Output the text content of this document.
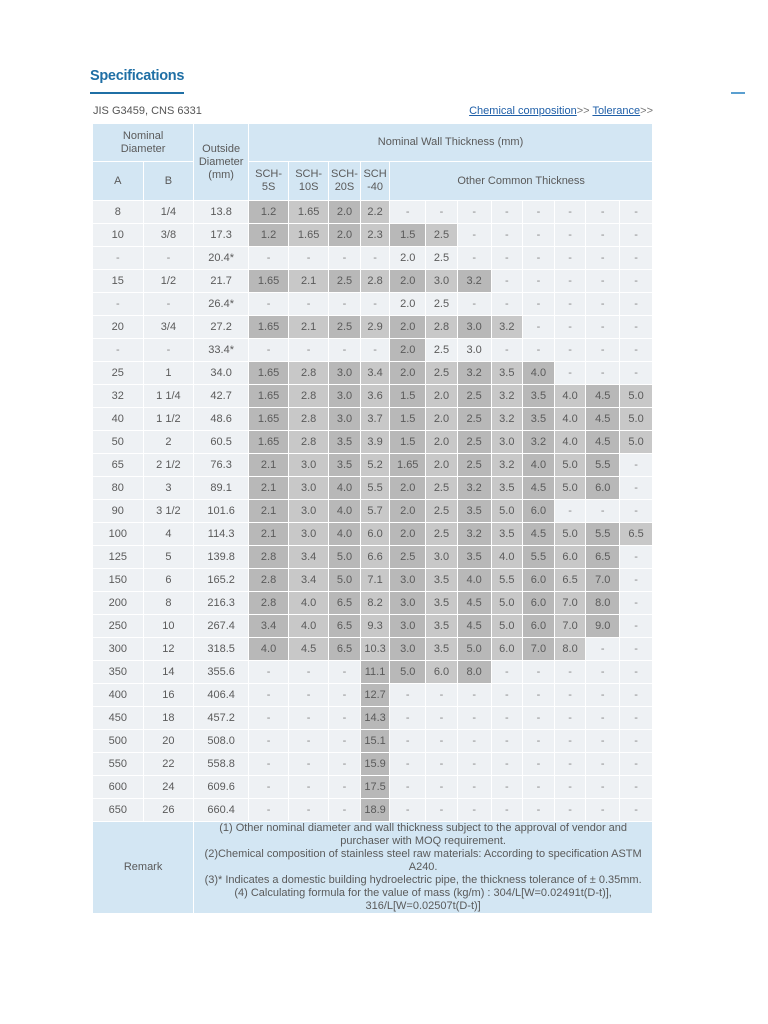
Specifications
JIS G3459, CNS 6331	Chemical composition>> Tolerance>>
Nominal Diameter		Outside Diameter (mm)	Nominal Wall Thickness (mm)											
A	B		SCH-5S	SCH-10S	SCH-20S	SCH-40	Other Common Thickness							
8	1/4	13.8	1.2	1.65	2.0	2.2	-	-	-	-	-	-	-	-
10	3/8	17.3	1.2	1.65	2.0	2.3	1.5	2.5	-	-	-	-	-	-
-	-	20.4*	-	-	-	-	2.0	2.5	-	-	-	-	-	-
15	1/2	21.7	1.65	2.1	2.5	2.8	2.0	3.0	3.2	-	-	-	-	-
-	-	26.4*	-	-	-	-	2.0	2.5	-	-	-	-	-	-
20	3/4	27.2	1.65	2.1	2.5	2.9	2.0	2.8	3.0	3.2	-	-	-	-
-	-	33.4*	-	-	-	-	2.0	2.5	3.0	-	-	-	-	-
25	1	34.0	1.65	2.8	3.0	3.4	2.0	2.5	3.2	3.5	4.0	-	-	-
32	1 1/4	42.7	1.65	2.8	3.0	3.6	1.5	2.0	2.5	3.2	3.5	4.0	4.5	5.0
40	1 1/2	48.6	1.65	2.8	3.0	3.7	1.5	2.0	2.5	3.2	3.5	4.0	4.5	5.0
50	2	60.5	1.65	2.8	3.5	3.9	1.5	2.0	2.5	3.0	3.2	4.0	4.5	5.0
65	2 1/2	76.3	2.1	3.0	3.5	5.2	1.65	2.0	2.5	3.2	4.0	5.0	5.5	-
80	3	89.1	2.1	3.0	4.0	5.5	2.0	2.5	3.2	3.5	4.5	5.0	6.0	-
90	3 1/2	101.6	2.1	3.0	4.0	5.7	2.0	2.5	3.5	5.0	6.0	-	-	-
100	4	114.3	2.1	3.0	4.0	6.0	2.0	2.5	3.2	3.5	4.5	5.0	5.5	6.5
125	5	139.8	2.8	3.4	5.0	6.6	2.5	3.0	3.5	4.0	5.5	6.0	6.5	-
150	6	165.2	2.8	3.4	5.0	7.1	3.0	3.5	4.0	5.5	6.0	6.5	7.0	-
200	8	216.3	2.8	4.0	6.5	8.2	3.0	3.5	4.5	5.0	6.0	7.0	8.0	-
250	10	267.4	3.4	4.0	6.5	9.3	3.0	3.5	4.5	5.0	6.0	7.0	9.0	-
300	12	318.5	4.0	4.5	6.5	10.3	3.0	3.5	5.0	6.0	7.0	8.0	-	-
350	14	355.6	-	-	-	11.1	5.0	6.0	8.0	-	-	-	-	-
400	16	406.4	-	-	-	12.7	-	-	-	-	-	-	-	-
450	18	457.2	-	-	-	14.3	-	-	-	-	-	-	-	-
500	20	508.0	-	-	-	15.1	-	-	-	-	-	-	-	-
550	22	558.8	-	-	-	15.9	-	-	-	-	-	-	-	-
600	24	609.6	-	-	-	17.5	-	-	-	-	-	-	-	-
650	26	660.4	-	-	-	18.9	-	-	-	-	-	-	-	-
Remark		(1) Other nominal diameter and wall thickness subject to the approval of vendor and purchaser with MOQ requirement.
(2)Chemical composition of stainless steel raw materials: According to specification ASTM A240.
(3)* Indicates a domestic building hydroelectric pipe, the thickness tolerance of ± 0.35mm.
(4) Calculating formula for the value of mass (kg/m) : 304/L[W=0.02491t(D-t)], 316/L[W=0.02507t(D-t)]												
